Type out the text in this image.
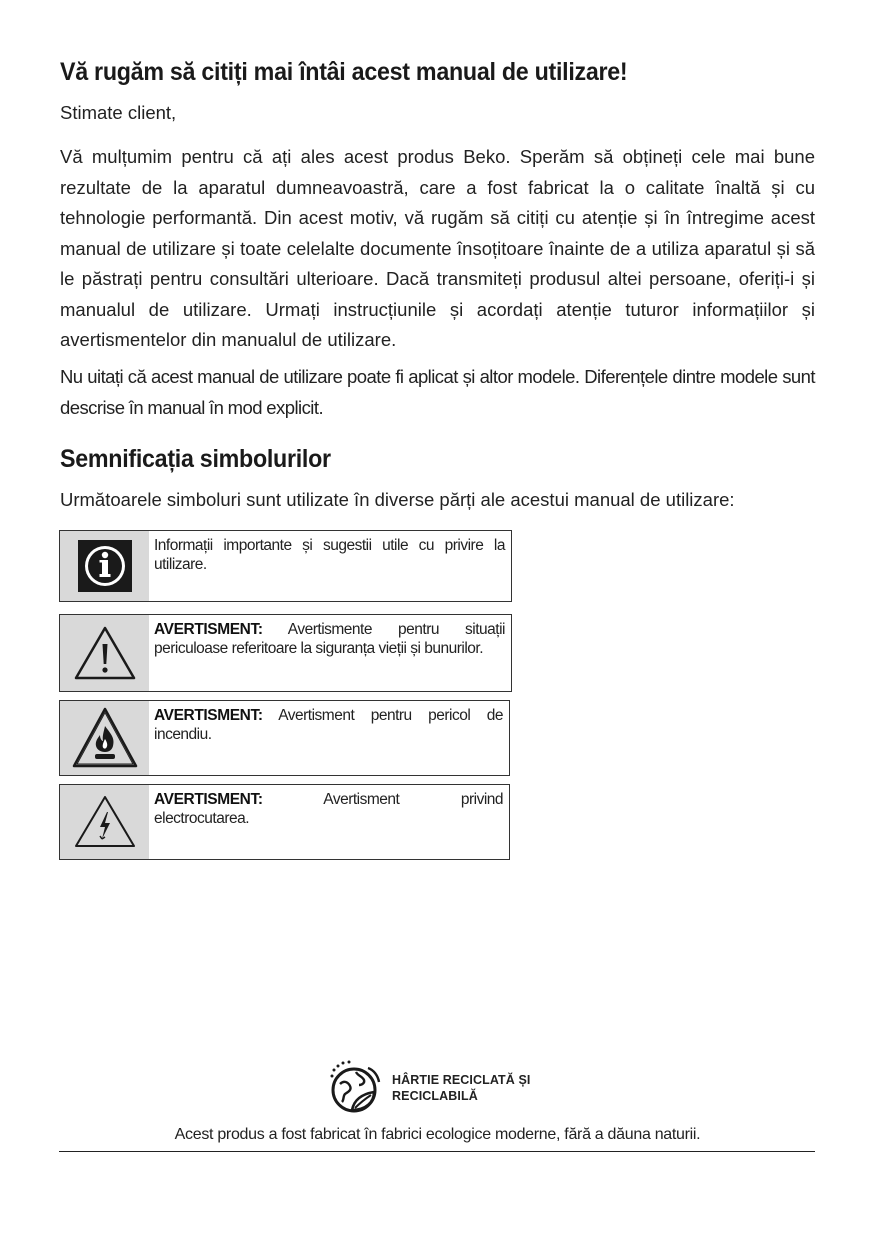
Vă rugăm să citiți mai întâi acest manual de utilizare!

Stimate client,

Vă mulțumim pentru că ați ales acest produs Beko. Sperăm să obțineți cele mai bune rezultate de la aparatul dumneavoastră, care a fost fabricat la o calitate înaltă și cu tehnologie performantă. Din acest motiv, vă rugăm să citiți cu atenție și în întregime acest manual de utilizare și toate celelalte documente însoțitoare înainte de a utiliza aparatul și să le păstrați pentru consultări ulterioare. Dacă transmiteți produsul altei persoane, oferiți-i și manualul de utilizare. Urmați instrucțiunile și acordați atenție tuturor informațiilor și avertismentelor din manualul de utilizare.

Nu uitați că acest manual de utilizare poate fi aplicat și altor modele. Diferențele dintre modele sunt descrise în manual în mod explicit.

Semnificația simbolurilor

Următoarele simboluri sunt utilizate în diverse părți ale acestui manual de utilizare:

Informații importante și sugestii utile cu privire la utilizare.
AVERTISMENT: Avertismente pentru situații periculoase referitoare la siguranța vieții și bunurilor.
AVERTISMENT: Avertisment pentru pericol de incendiu.
AVERTISMENT: Avertisment privind
electrocutarea.
HÂRTIE RECICLATĂ ȘI
RECICLABILĂ

Acest produs a fost fabricat în fabrici ecologice moderne, fără a dăuna naturii.
